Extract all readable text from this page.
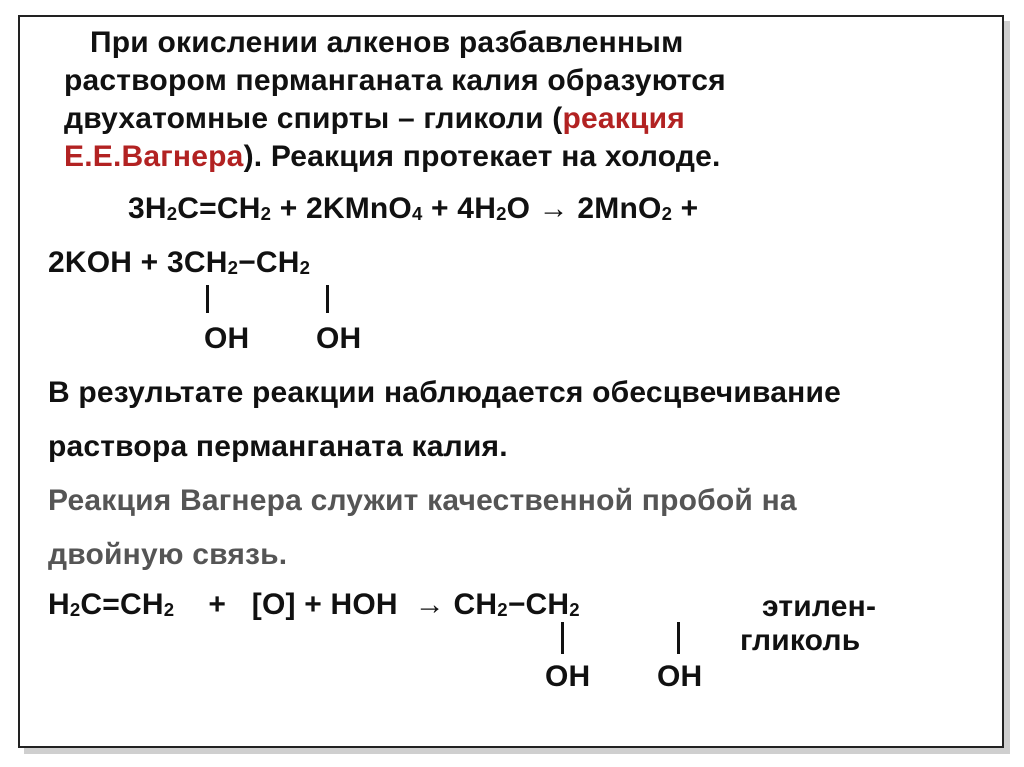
При окислении алкенов разбавленным
раствором перманганата калия образуются
двухатомные спирты – гликоли (реакция
Е.Е.Вагнера). Реакция протекает на холоде.
$3H_2C=CH_2$ + 2KMnO$_4$ + $4H_2O \to 2MnO_2$ +
$2KOH + 3CH_2-CH_2$
OH OH
В результате реакции наблюдается обесцвечивание
раствора перманганата калия.
Реакция Вагнера служит качественной пробой на
двойную связь.
$H_2C=CH_2$    +   [O] + HOH  → $CH_2-CH_2$	этилен-
гликоль
OH OH
